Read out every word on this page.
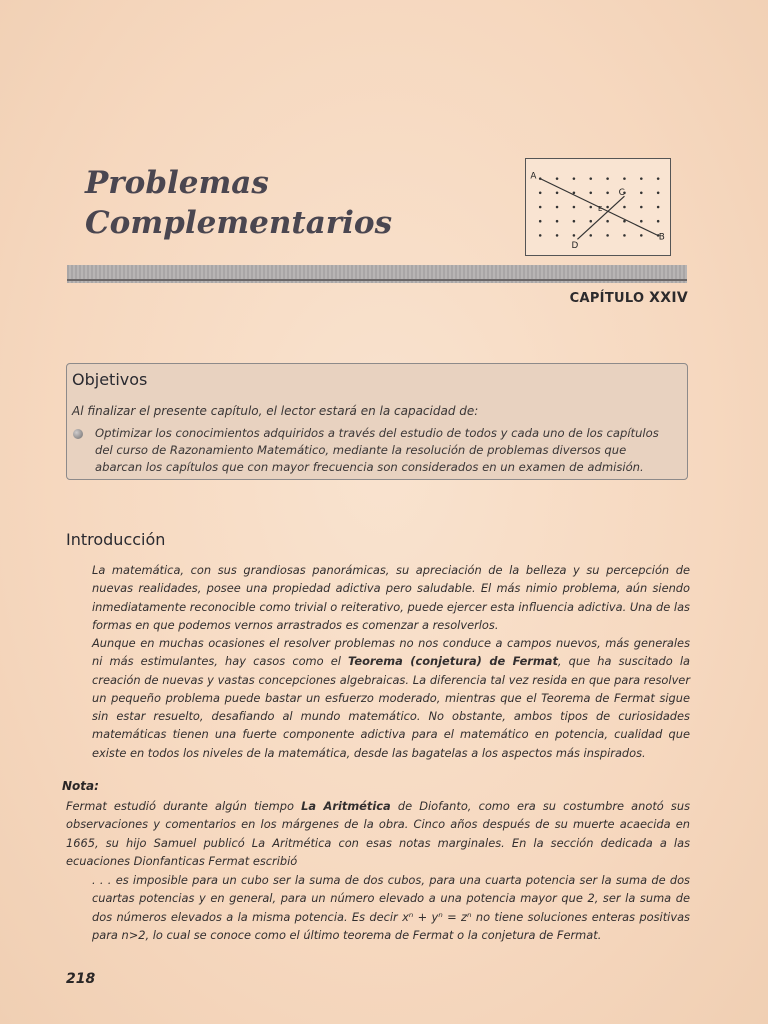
Problemas
Complementarios
A
B
C
D
E
CAPÍTULO XXIV
Objetivos
Al finalizar el presente capítulo, el lector estará en la capacidad de:
Optimizar los conocimientos adquiridos a través del estudio de todos y cada uno de los capítulos del curso de Razonamiento Matemático, mediante la resolución de problemas diversos que abarcan los capítulos que con mayor frecuencia son considerados en un examen de admisión.
Introducción
La matemática, con sus grandiosas panorámicas, su apreciación de la belleza y su percepción de nuevas realidades, posee una propiedad adictiva pero saludable. El más nimio problema, aún siendo inmediatamente reconocible como trivial o reiterativo, puede ejercer esta influencia adictiva. Una de las formas en que podemos vernos arrastrados es comenzar a resolverlos.
Aunque en muchas ocasiones el resolver problemas no nos conduce a campos nuevos, más generales ni más estimulantes, hay casos como el Teorema (conjetura) de Fermat, que ha suscitado la creación de nuevas y vastas concepciones algebraicas. La diferencia tal vez resida en que para resolver un pequeño problema puede bastar un esfuerzo moderado, mientras que el Teorema de Fermat sigue sin estar resuelto, desafiando al mundo matemático. No obstante, ambos tipos de curiosidades matemáticas tienen una fuerte componente adictiva para el matemático en potencia, cualidad que existe en todos los niveles de la matemática, desde las bagatelas a los aspectos más inspirados.
Nota:
Fermat estudió durante algún tiempo La Aritmética de Diofanto, como era su costumbre anotó sus observaciones y comentarios en los márgenes de la obra. Cinco años después de su muerte acaecida en 1665, su hijo Samuel publicó La Aritmética con esas notas marginales. En la sección dedicada a las ecuaciones Dionfanticas Fermat escribió
. . . es imposible para un cubo ser la suma de dos cubos, para una cuarta potencia ser la suma de dos cuartas potencias y en general, para un número elevado a una potencia mayor que 2, ser la suma de dos números elevados a la misma potencia. Es decir xⁿ + yⁿ = zⁿ no tiene soluciones enteras positivas para n>2, lo cual se conoce como el último teorema de Fermat o la conjetura de Fermat.
218
